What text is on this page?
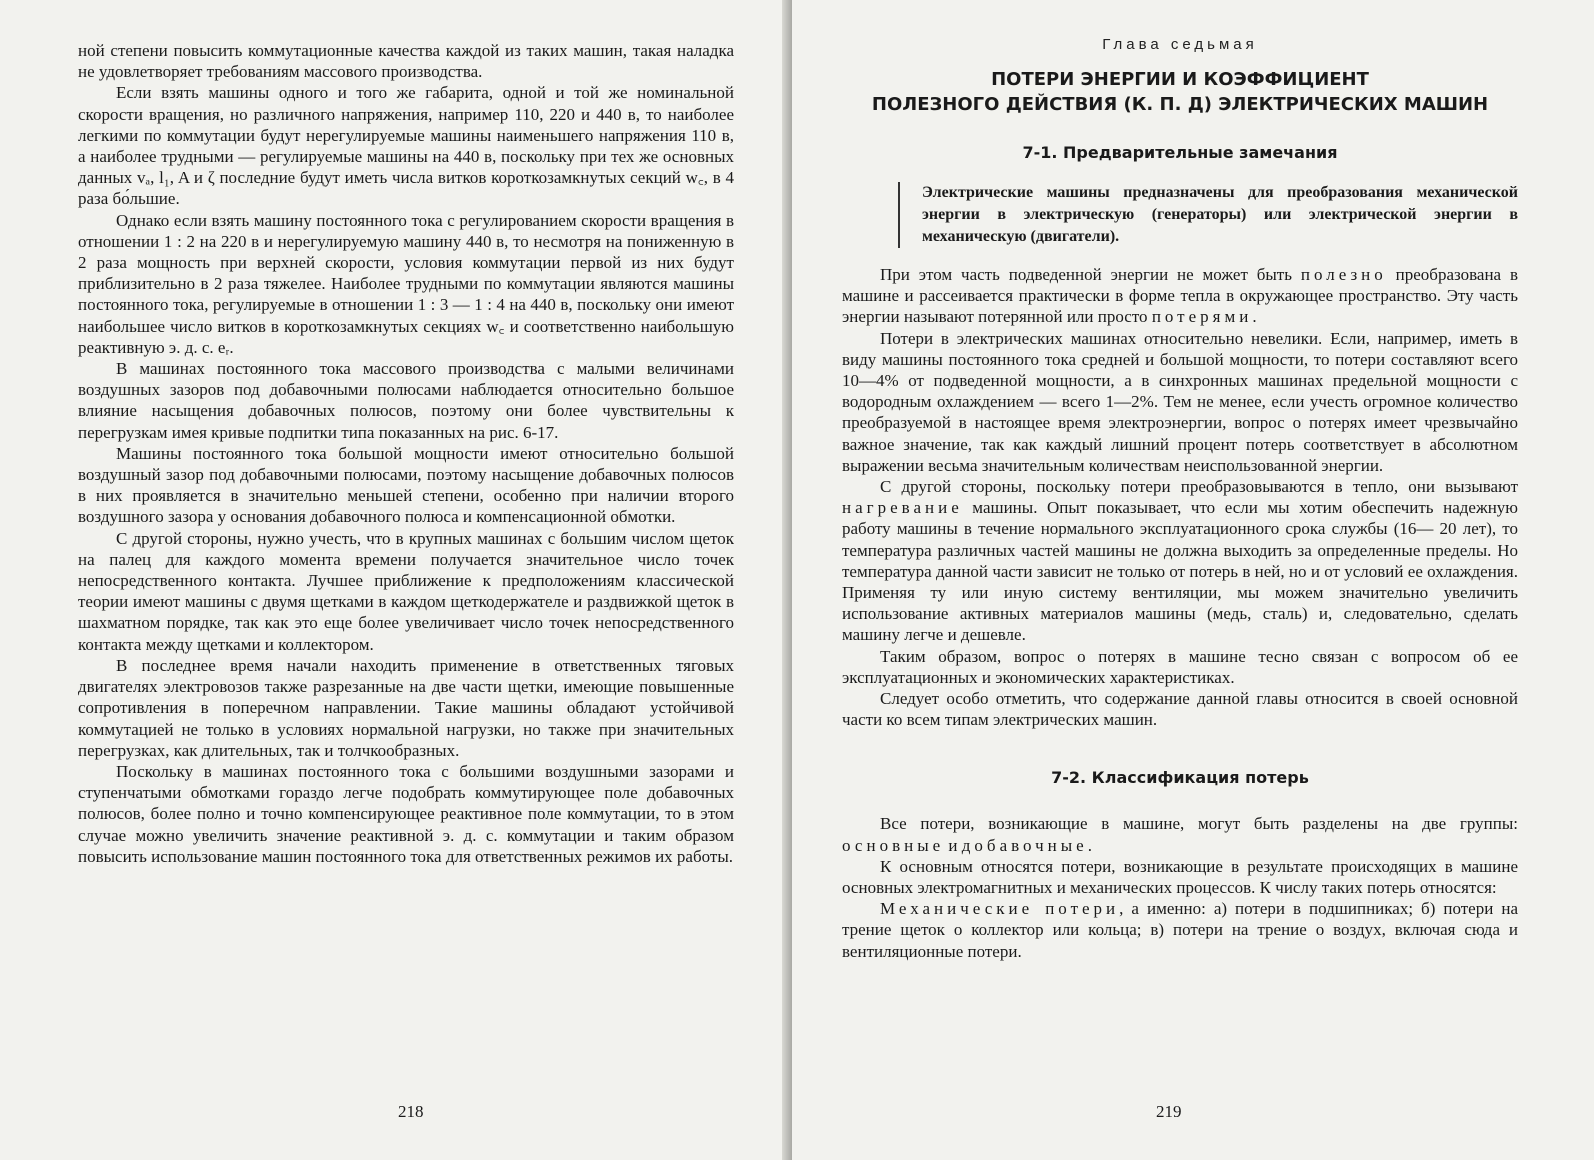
ной степени повысить коммутационные качества каждой из таких машин, такая наладка не удовлетворяет требованиям массового производства.

Если взять машины одного и того же габарита, одной и той же номинальной скорости вращения, но различного напряжения, например 110, 220 и 440 в, то наиболее легкими по коммутации будут нерегулируемые машины наименьшего напряжения 110 в, а наиболее трудными — регулируемые машины на 440 в, поскольку при тех же основных данных vₐ, l₁, A и ζ последние будут иметь числа витков короткозамкнутых секций w꜀, в 4 раза бо́льшие.

Однако если взять машину постоянного тока с регулированием скорости вращения в отношении 1 : 2 на 220 в и нерегулируемую машину 440 в, то несмотря на пониженную в 2 раза мощность при верхней скорости, условия коммутации первой из них будут приблизительно в 2 раза тяжелее. Наиболее трудными по коммутации являются машины постоянного тока, регулируемые в отношении 1 : 3 — 1 : 4 на 440 в, поскольку они имеют наибольшее число витков в короткозамкнутых секциях w꜀ и соответственно наибольшую реактивную э. д. с. eᵣ.

В машинах постоянного тока массового производства с малыми величинами воздушных зазоров под добавочными полюсами наблюдается относительно большое влияние насыщения добавочных полюсов, поэтому они более чувствительны к перегрузкам имея кривые подпитки типа показанных на рис. 6-17.

Машины постоянного тока большой мощности имеют относительно большой воздушный зазор под добавочными полюсами, поэтому насыщение добавочных полюсов в них проявляется в значительно меньшей степени, особенно при наличии второго воздушного зазора у основания добавочного полюса и компенсационной обмотки.

С другой стороны, нужно учесть, что в крупных машинах с большим числом щеток на палец для каждого момента времени получается значительное число точек непосредственного контакта. Лучшее приближение к предположениям классической теории имеют машины с двумя щетками в каждом щеткодержателе и раздвижкой щеток в шахматном порядке, так как это еще более увеличивает число точек непосредственного контакта между щетками и коллектором.

В последнее время начали находить применение в ответственных тяговых двигателях электровозов также разрезанные на две части щетки, имеющие повышенные сопротивления в поперечном направлении. Такие машины обладают устойчивой коммутацией не только в условиях нормальной нагрузки, но также при значительных перегрузках, как длительных, так и толчкообразных.

Поскольку в машинах постоянного тока с большими воздушными зазорами и ступенчатыми обмотками гораздо легче подобрать коммутирующее поле добавочных полюсов, более полно и точно компенсирующее реактивное поле коммутации, то в этом случае можно увеличить значение реактивной э. д. с. коммутации и таким образом повысить использование машин постоянного тока для ответственных режимов их работы.

218
Глава седьмая
ПОТЕРИ ЭНЕРГИИ И КОЭФФИЦИЕНТ
ПОЛЕЗНОГО ДЕЙСТВИЯ (К. П. Д) ЭЛЕКТРИЧЕСКИХ МАШИН
7-1. Предварительные замечания
Электрические машины предназначены для преобразования механической энергии в электрическую (генераторы) или электрической энергии в механическую (двигатели).

При этом часть подведенной энергии не может быть полезно преобразована в машине и рассеивается практически в форме тепла в окружающее пространство. Эту часть энергии называют потерянной или просто потерями.

Потери в электрических машинах относительно невелики. Если, например, иметь в виду машины постоянного тока средней и большой мощности, то потери составляют всего 10—4% от подведенной мощности, а в синхронных машинах предельной мощности с водородным охлаждением — всего 1—2%. Тем не менее, если учесть огромное количество преобразуемой в настоящее время электроэнергии, вопрос о потерях имеет чрезвычайно важное значение, так как каждый лишний процент потерь соответствует в абсолютном выражении весьма значительным количествам неиспользованной энергии.

С другой стороны, поскольку потери преобразовываются в тепло, они вызывают нагревание машины. Опыт показывает, что если мы хотим обеспечить надежную работу машины в течение нормального эксплуатационного срока службы (16— 20 лет), то температура различных частей машины не должна выходить за определенные пределы. Но температура данной части зависит не только от потерь в ней, но и от условий ее охлаждения. Применяя ту или иную систему вентиляции, мы можем значительно увеличить использование активных материалов машины (медь, сталь) и, следовательно, сделать машину легче и дешевле.

Таким образом, вопрос о потерях в машине тесно связан с вопросом об ее эксплуатационных и экономических характеристиках.

Следует особо отметить, что содержание данной главы относится в своей основной части ко всем типам электрических машин.

7-2. Классификация потерь

Все потери, возникающие в машине, могут быть разделены на две группы: основные и добавочные.

К основным относятся потери, возникающие в результате происходящих в машине основных электромагнитных и механических процессов. К числу таких потерь относятся:

Механические потери, а именно: а) потери в подшипниках; б) потери на трение щеток о коллектор или кольца; в) потери на трение о воздух, включая сюда и вентиляционные потери.

219
